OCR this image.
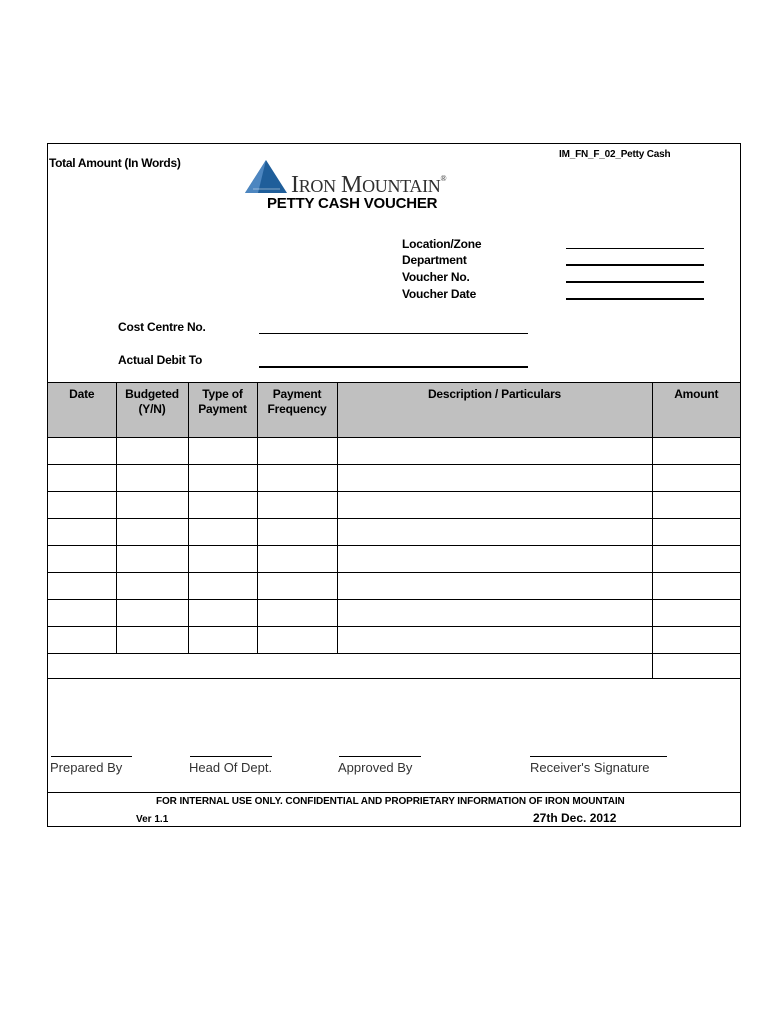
IM_FN_F_02_Petty Cash
IRON MOUNTAIN®
PETTY CASH VOUCHER
Location/Zone
Department
Voucher No.
Voucher Date
Cost Centre No.
Actual Debit To
Date	Budgeted (Y/N)	Type of Payment	Payment Frequency	Description / Particulars	Amount

Total Amount (In Words)
Prepared By	Head Of Dept.	Approved By	Receiver's Signature
FOR INTERNAL USE ONLY. CONFIDENTIAL AND PROPRIETARY INFORMATION OF IRON MOUNTAIN
Ver 1.1	27th Dec. 2012
